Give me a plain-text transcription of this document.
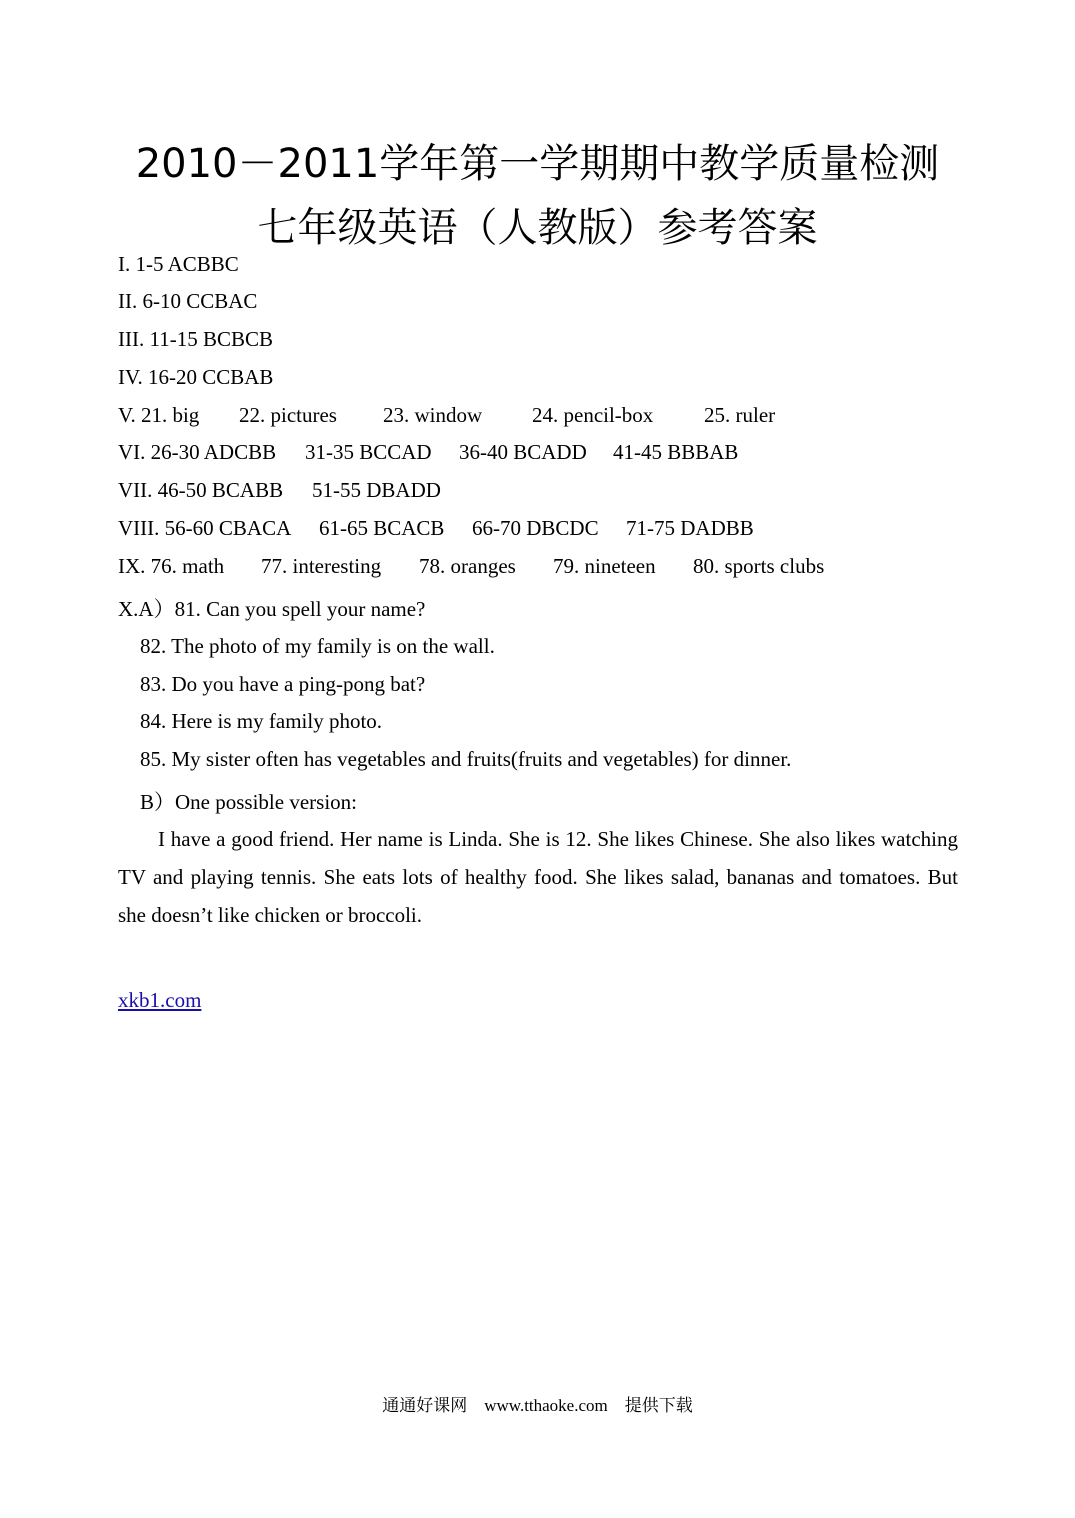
2010－2011学年第一学期期中教学质量检测
七年级英语（人教版）参考答案
I. 1-5 ACBBC
II. 6-10 CCBAC
III. 11-15 BCBCB
IV. 16-20 CCBAB
V. 21. big 22. pictures 23. window 24. pencil-box 25. ruler
VI. 26-30 ADCBB 31-35 BCCAD 36-40 BCADD 41-45 BBBAB
VII. 46-50 BCABB 51-55 DBADD
VIII. 56-60 CBACA 61-65 BCACB 66-70 DBCDC 71-75 DADBB
IX. 76. math 77. interesting 78. oranges 79. nineteen 80. sports clubs
X.A）81. Can you spell your name?
82. The photo of my family is on the wall.
83. Do you have a ping-pong bat?
84. Here is my family photo.
85. My sister often has vegetables and fruits(fruits and vegetables) for dinner.
B）One possible version:
I have a good friend. Her name is Linda. She is 12. She likes Chinese. She also likes watching TV and playing tennis. She eats lots of healthy food. She likes salad, bananas and tomatoes. But she doesn’t like chicken or broccoli.
xkb1.com
通通好课网　www.tthaoke.com　提供下载
